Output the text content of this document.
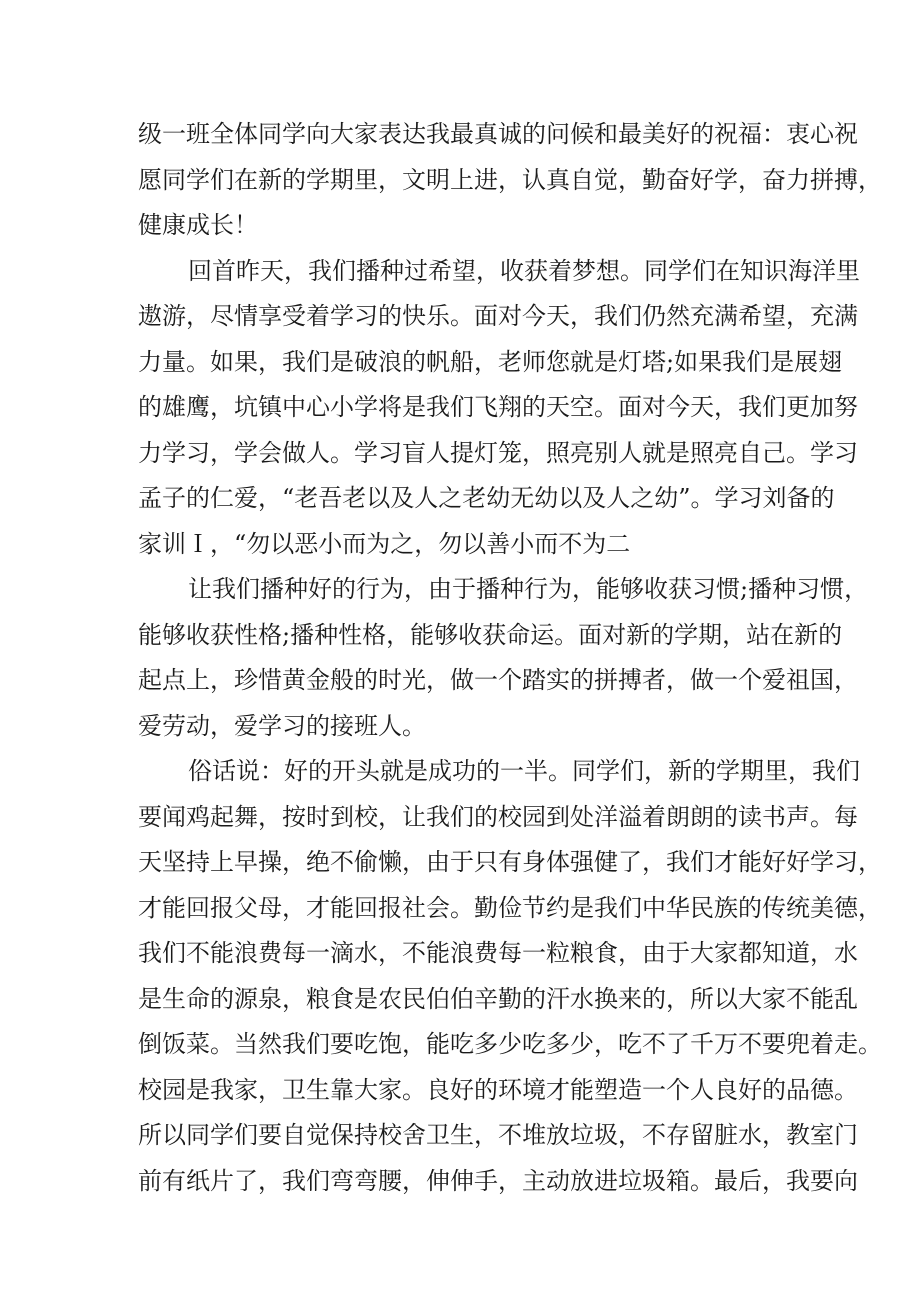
级一班全体同学向大家表达我最真诚的问候和最美好的祝福：衷心祝
愿同学们在新的学期里，文明上进，认真自觉，勤奋好学，奋力拼搏，
健康成长！
回首昨天，我们播种过希望，收获着梦想。同学们在知识海洋里
遨游，尽情享受着学习的快乐。面对今天，我们仍然充满希望，充满
力量。如果，我们是破浪的帆船，老师您就是灯塔;如果我们是展翅
的雄鹰，坑镇中心小学将是我们飞翔的天空。面对今天，我们更加努
力学习，学会做人。学习盲人提灯笼，照亮别人就是照亮自己。学习
孟子的仁爱，“老吾老以及人之老幼无幼以及人之幼”。学习刘备的
家训Ｉ，“勿以恶小而为之，勿以善小而不为二
让我们播种好的行为，由于播种行为，能够收获习惯;播种习惯，
能够收获性格;播种性格，能够收获命运。面对新的学期，站在新的
起点上，珍惜黄金般的时光，做一个踏实的拼搏者，做一个爱祖国，
爱劳动，爱学习的接班人。
俗话说：好的开头就是成功的一半。同学们，新的学期里，我们
要闻鸡起舞，按时到校，让我们的校园到处洋溢着朗朗的读书声。每
天坚持上早操，绝不偷懒，由于只有身体强健了，我们才能好好学习，
才能回报父母，才能回报社会。勤俭节约是我们中华民族的传统美德，
我们不能浪费每一滴水，不能浪费每一粒粮食，由于大家都知道，水
是生命的源泉，粮食是农民伯伯辛勤的汗水换来的，所以大家不能乱
倒饭菜。当然我们要吃饱，能吃多少吃多少，吃不了千万不要兜着走。
校园是我家，卫生靠大家。良好的环境才能塑造一个人良好的品德。
所以同学们要自觉保持校舍卫生，不堆放垃圾，不存留脏水，教室门
前有纸片了，我们弯弯腰，伸伸手，主动放进垃圾箱。最后，我要向
